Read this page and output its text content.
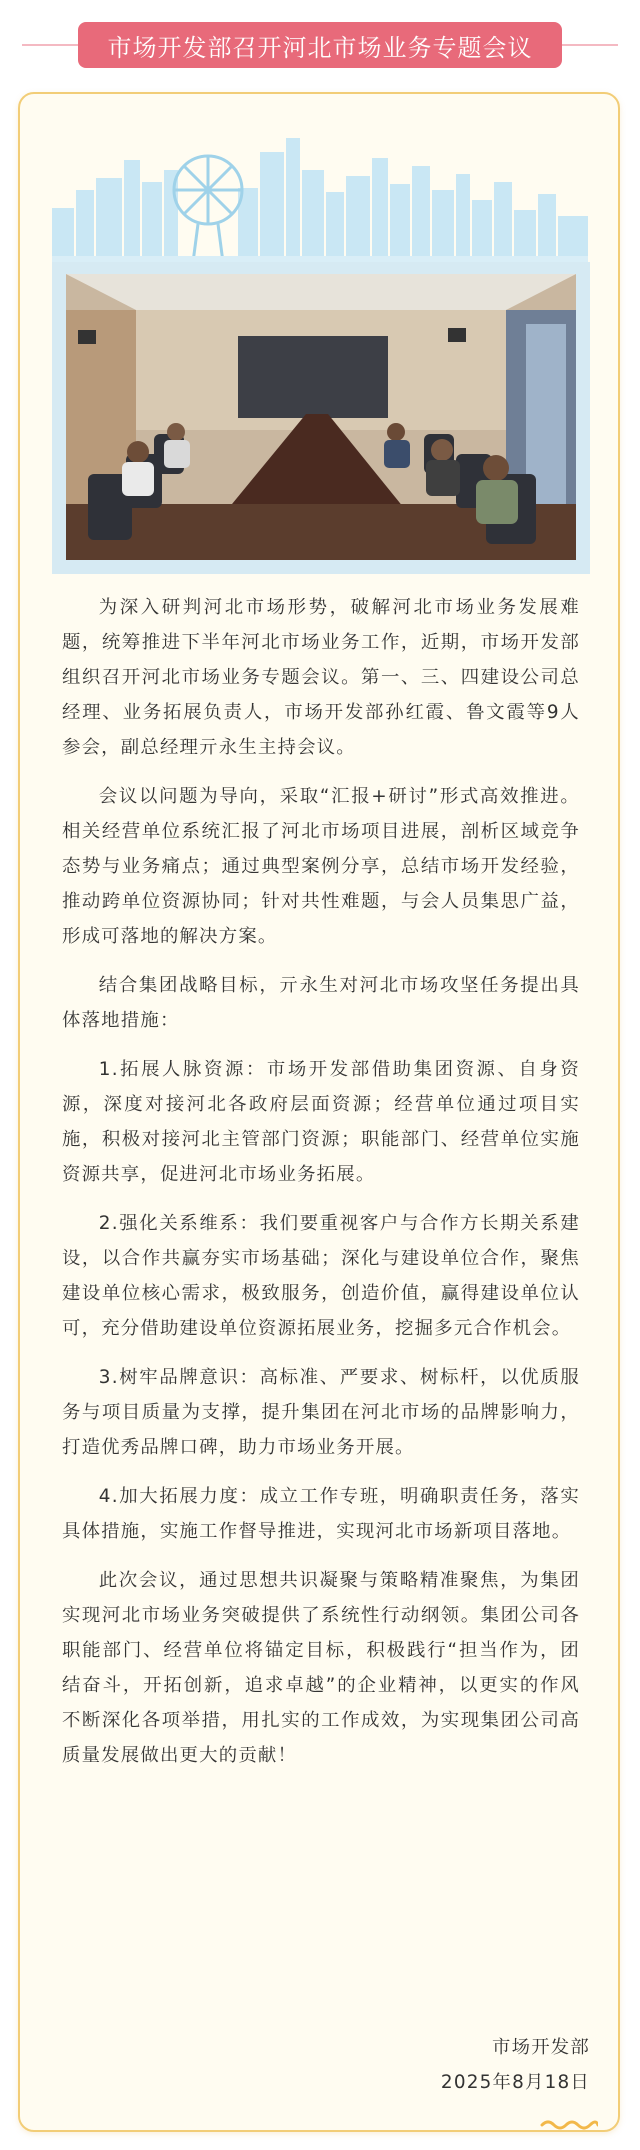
市场开发部召开河北市场业务专题会议

为深入研判河北市场形势，破解河北市场业务发展难题，统筹推进下半年河北市场业务工作，近期，市场开发部组织召开河北市场业务专题会议。第一、三、四建设公司总经理、业务拓展负责人，市场开发部孙红霞、鲁文霞等9人参会，副总经理亓永生主持会议。

会议以问题为导向，采取“汇报+研讨”形式高效推进。相关经营单位系统汇报了河北市场项目进展，剖析区域竞争态势与业务痛点；通过典型案例分享，总结市场开发经验，推动跨单位资源协同；针对共性难题，与会人员集思广益，形成可落地的解决方案。

结合集团战略目标，亓永生对河北市场攻坚任务提出具体落地措施：

1.拓展人脉资源：市场开发部借助集团资源、自身资源，深度对接河北各政府层面资源；经营单位通过项目实施，积极对接河北主管部门资源；职能部门、经营单位实施资源共享，促进河北市场业务拓展。

2.强化关系维系：我们要重视客户与合作方长期关系建设，以合作共赢夯实市场基础；深化与建设单位合作，聚焦建设单位核心需求，极致服务，创造价值，赢得建设单位认可，充分借助建设单位资源拓展业务，挖掘多元合作机会。

3.树牢品牌意识：高标准、严要求、树标杆，以优质服务与项目质量为支撑，提升集团在河北市场的品牌影响力，打造优秀品牌口碑，助力市场业务开展。

4.加大拓展力度：成立工作专班，明确职责任务，落实具体措施，实施工作督导推进，实现河北市场新项目落地。

此次会议，通过思想共识凝聚与策略精准聚焦，为集团实现河北市场业务突破提供了系统性行动纲领。集团公司各职能部门、经营单位将锚定目标，积极践行“担当作为，团结奋斗，开拓创新，追求卓越”的企业精神，以更实的作风不断深化各项举措，用扎实的工作成效，为实现集团公司高质量发展做出更大的贡献！

市场开发部
2025年8月18日
